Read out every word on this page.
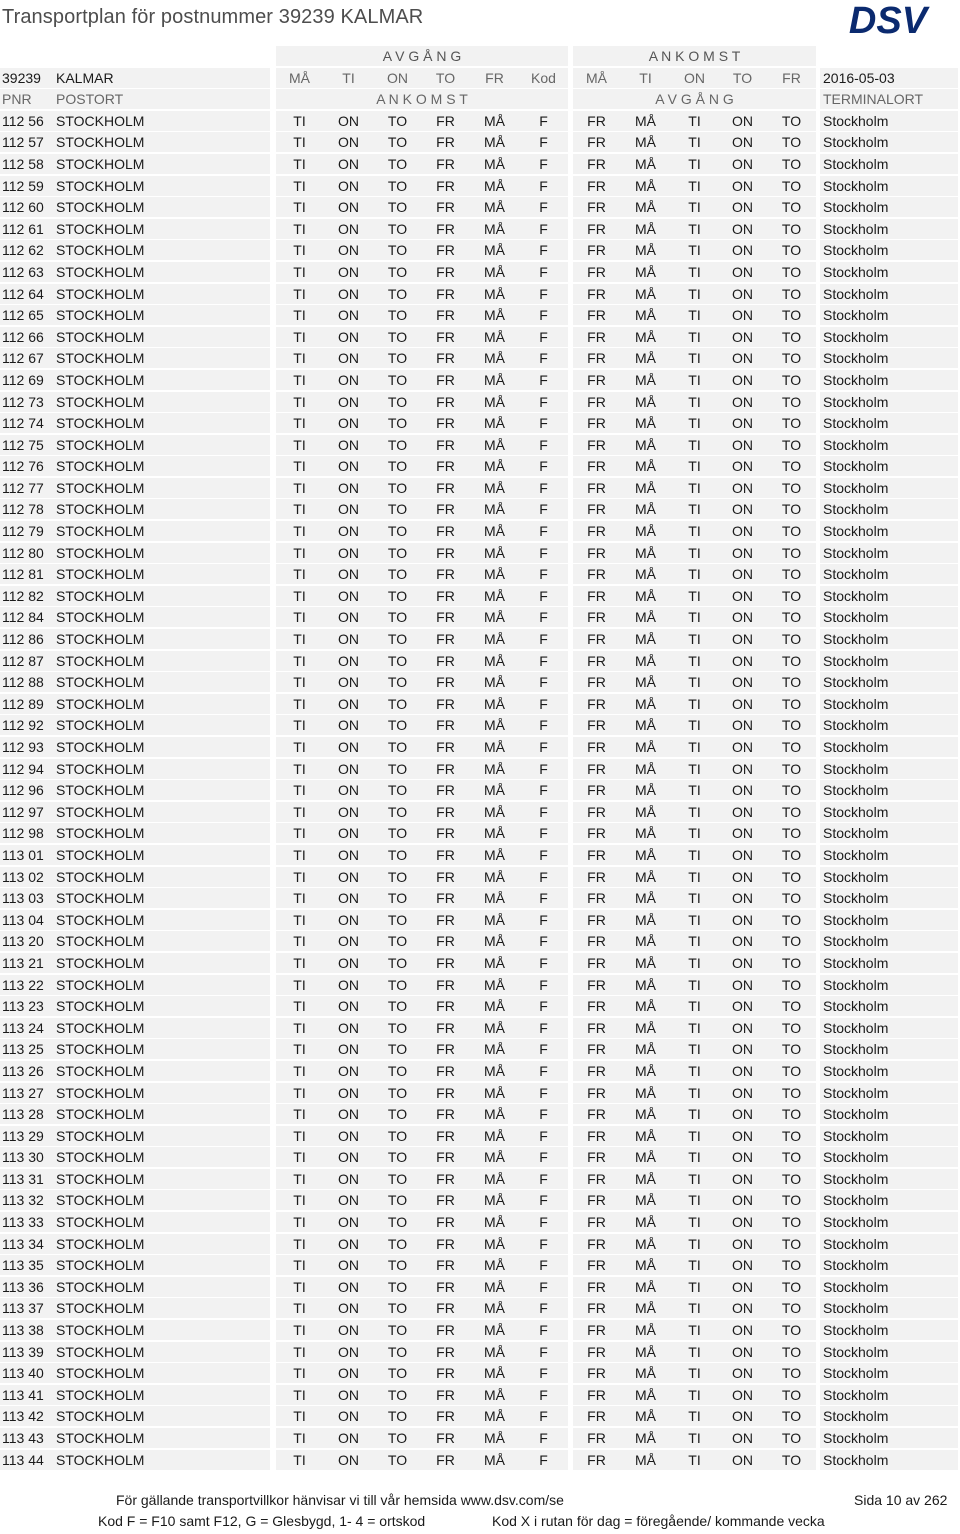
Transportplan för postnummer 39239 KALMAR	DSV
A V G Å N G	A N K O M S T
39239	KALMAR	2016-05-03
MÅ	TI	ON	TO	FR	Kod	MÅ	TI	ON	TO	FR
PNR	POSTORT	A N K O M S T	A V G Å N G	TERMINALORT
112 56 STOCKHOLM	TI	ON	TO	FR	MÅ	F	FR	MÅ	TI	ON	TO	Stockholm
112 57 STOCKHOLM	TI	ON	TO	FR	MÅ	F	FR	MÅ	TI	ON	TO	Stockholm
112 58 STOCKHOLM	TI	ON	TO	FR	MÅ	F	FR	MÅ	TI	ON	TO	Stockholm
112 59 STOCKHOLM	TI	ON	TO	FR	MÅ	F	FR	MÅ	TI	ON	TO	Stockholm
112 60 STOCKHOLM	TI	ON	TO	FR	MÅ	F	FR	MÅ	TI	ON	TO	Stockholm
112 61 STOCKHOLM	TI	ON	TO	FR	MÅ	F	FR	MÅ	TI	ON	TO	Stockholm
112 62 STOCKHOLM	TI	ON	TO	FR	MÅ	F	FR	MÅ	TI	ON	TO	Stockholm
112 63 STOCKHOLM	TI	ON	TO	FR	MÅ	F	FR	MÅ	TI	ON	TO	Stockholm
112 64 STOCKHOLM	TI	ON	TO	FR	MÅ	F	FR	MÅ	TI	ON	TO	Stockholm
112 65 STOCKHOLM	TI	ON	TO	FR	MÅ	F	FR	MÅ	TI	ON	TO	Stockholm
112 66 STOCKHOLM	TI	ON	TO	FR	MÅ	F	FR	MÅ	TI	ON	TO	Stockholm
112 67 STOCKHOLM	TI	ON	TO	FR	MÅ	F	FR	MÅ	TI	ON	TO	Stockholm
112 69 STOCKHOLM	TI	ON	TO	FR	MÅ	F	FR	MÅ	TI	ON	TO	Stockholm
112 73 STOCKHOLM	TI	ON	TO	FR	MÅ	F	FR	MÅ	TI	ON	TO	Stockholm
112 74 STOCKHOLM	TI	ON	TO	FR	MÅ	F	FR	MÅ	TI	ON	TO	Stockholm
112 75 STOCKHOLM	TI	ON	TO	FR	MÅ	F	FR	MÅ	TI	ON	TO	Stockholm
112 76 STOCKHOLM	TI	ON	TO	FR	MÅ	F	FR	MÅ	TI	ON	TO	Stockholm
112 77 STOCKHOLM	TI	ON	TO	FR	MÅ	F	FR	MÅ	TI	ON	TO	Stockholm
112 78 STOCKHOLM	TI	ON	TO	FR	MÅ	F	FR	MÅ	TI	ON	TO	Stockholm
112 79 STOCKHOLM	TI	ON	TO	FR	MÅ	F	FR	MÅ	TI	ON	TO	Stockholm
112 80 STOCKHOLM	TI	ON	TO	FR	MÅ	F	FR	MÅ	TI	ON	TO	Stockholm
112 81 STOCKHOLM	TI	ON	TO	FR	MÅ	F	FR	MÅ	TI	ON	TO	Stockholm
112 82 STOCKHOLM	TI	ON	TO	FR	MÅ	F	FR	MÅ	TI	ON	TO	Stockholm
112 84 STOCKHOLM	TI	ON	TO	FR	MÅ	F	FR	MÅ	TI	ON	TO	Stockholm
112 86 STOCKHOLM	TI	ON	TO	FR	MÅ	F	FR	MÅ	TI	ON	TO	Stockholm
112 87 STOCKHOLM	TI	ON	TO	FR	MÅ	F	FR	MÅ	TI	ON	TO	Stockholm
112 88 STOCKHOLM	TI	ON	TO	FR	MÅ	F	FR	MÅ	TI	ON	TO	Stockholm
112 89 STOCKHOLM	TI	ON	TO	FR	MÅ	F	FR	MÅ	TI	ON	TO	Stockholm
112 92 STOCKHOLM	TI	ON	TO	FR	MÅ	F	FR	MÅ	TI	ON	TO	Stockholm
112 93 STOCKHOLM	TI	ON	TO	FR	MÅ	F	FR	MÅ	TI	ON	TO	Stockholm
112 94 STOCKHOLM	TI	ON	TO	FR	MÅ	F	FR	MÅ	TI	ON	TO	Stockholm
112 96 STOCKHOLM	TI	ON	TO	FR	MÅ	F	FR	MÅ	TI	ON	TO	Stockholm
112 97 STOCKHOLM	TI	ON	TO	FR	MÅ	F	FR	MÅ	TI	ON	TO	Stockholm
112 98 STOCKHOLM	TI	ON	TO	FR	MÅ	F	FR	MÅ	TI	ON	TO	Stockholm
113 01 STOCKHOLM	TI	ON	TO	FR	MÅ	F	FR	MÅ	TI	ON	TO	Stockholm
113 02 STOCKHOLM	TI	ON	TO	FR	MÅ	F	FR	MÅ	TI	ON	TO	Stockholm
113 03 STOCKHOLM	TI	ON	TO	FR	MÅ	F	FR	MÅ	TI	ON	TO	Stockholm
113 04 STOCKHOLM	TI	ON	TO	FR	MÅ	F	FR	MÅ	TI	ON	TO	Stockholm
113 20 STOCKHOLM	TI	ON	TO	FR	MÅ	F	FR	MÅ	TI	ON	TO	Stockholm
113 21 STOCKHOLM	TI	ON	TO	FR	MÅ	F	FR	MÅ	TI	ON	TO	Stockholm
113 22 STOCKHOLM	TI	ON	TO	FR	MÅ	F	FR	MÅ	TI	ON	TO	Stockholm
113 23 STOCKHOLM	TI	ON	TO	FR	MÅ	F	FR	MÅ	TI	ON	TO	Stockholm
113 24 STOCKHOLM	TI	ON	TO	FR	MÅ	F	FR	MÅ	TI	ON	TO	Stockholm
113 25 STOCKHOLM	TI	ON	TO	FR	MÅ	F	FR	MÅ	TI	ON	TO	Stockholm
113 26 STOCKHOLM	TI	ON	TO	FR	MÅ	F	FR	MÅ	TI	ON	TO	Stockholm
113 27 STOCKHOLM	TI	ON	TO	FR	MÅ	F	FR	MÅ	TI	ON	TO	Stockholm
113 28 STOCKHOLM	TI	ON	TO	FR	MÅ	F	FR	MÅ	TI	ON	TO	Stockholm
113 29 STOCKHOLM	TI	ON	TO	FR	MÅ	F	FR	MÅ	TI	ON	TO	Stockholm
113 30 STOCKHOLM	TI	ON	TO	FR	MÅ	F	FR	MÅ	TI	ON	TO	Stockholm
113 31 STOCKHOLM	TI	ON	TO	FR	MÅ	F	FR	MÅ	TI	ON	TO	Stockholm
113 32 STOCKHOLM	TI	ON	TO	FR	MÅ	F	FR	MÅ	TI	ON	TO	Stockholm
113 33 STOCKHOLM	TI	ON	TO	FR	MÅ	F	FR	MÅ	TI	ON	TO	Stockholm
113 34 STOCKHOLM	TI	ON	TO	FR	MÅ	F	FR	MÅ	TI	ON	TO	Stockholm
113 35 STOCKHOLM	TI	ON	TO	FR	MÅ	F	FR	MÅ	TI	ON	TO	Stockholm
113 36 STOCKHOLM	TI	ON	TO	FR	MÅ	F	FR	MÅ	TI	ON	TO	Stockholm
113 37 STOCKHOLM	TI	ON	TO	FR	MÅ	F	FR	MÅ	TI	ON	TO	Stockholm
113 38 STOCKHOLM	TI	ON	TO	FR	MÅ	F	FR	MÅ	TI	ON	TO	Stockholm
113 39 STOCKHOLM	TI	ON	TO	FR	MÅ	F	FR	MÅ	TI	ON	TO	Stockholm
113 40 STOCKHOLM	TI	ON	TO	FR	MÅ	F	FR	MÅ	TI	ON	TO	Stockholm
113 41 STOCKHOLM	TI	ON	TO	FR	MÅ	F	FR	MÅ	TI	ON	TO	Stockholm
113 42 STOCKHOLM	TI	ON	TO	FR	MÅ	F	FR	MÅ	TI	ON	TO	Stockholm
113 43 STOCKHOLM	TI	ON	TO	FR	MÅ	F	FR	MÅ	TI	ON	TO	Stockholm
113 44 STOCKHOLM	TI	ON	TO	FR	MÅ	F	FR	MÅ	TI	ON	TO	Stockholm
För gällande transportvillkor hänvisar vi till vår hemsida www.dsv.com/se	Sida 10 av 262
Kod F = F10 samt F12, G = Glesbygd, 1- 4 = ortskod	Kod X i rutan för dag = föregående/ kommande vecka
